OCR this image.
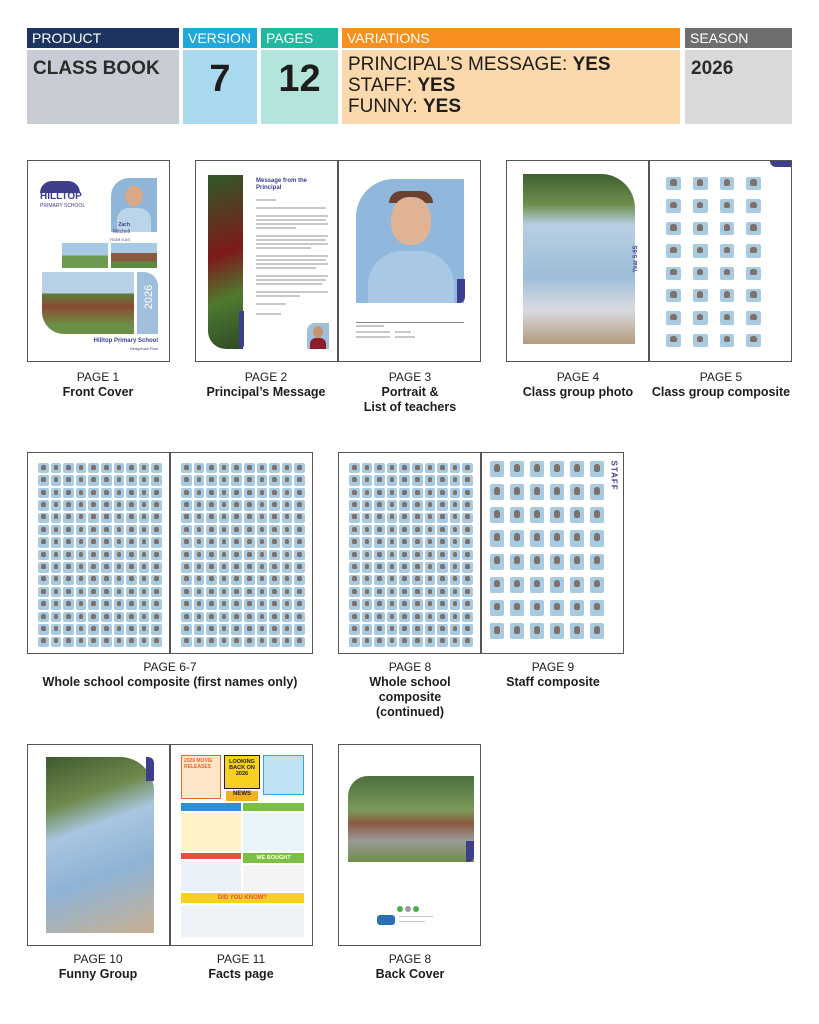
PRODUCT
CLASS BOOK
VERSION
7
PAGES
12
VARIATIONS
PRINCIPAL’S MESSAGE: YES
STAFF: YES
FUNNY: YES
SEASON
2026
HILLTOP
PRIMARY SCHOOL
Zach
Mitchell
YEAR 5-6S
2026
Hilltop Primary School
Hedgehow Row
PAGE 1
Front Cover
Message from the
Principal
PAGE 2
Principal’s Message
PAGE 3
Portrait &
List of teachers
Year 5-6S
PAGE 4
Class group photo
PAGE 5
Class group composite
PAGE 6-7
Whole school composite (first names only)
PAGE 8
Whole school
composite
(continued)
STAFF
PAGE 9
Staff composite
PAGE 10
Funny Group
2026 MOVIE RELEASES
LOOKING BACK ON 2026
NEWS
WE BOUGHT
DID YOU KNOW?
PAGE 11
Facts page
PAGE 8
Back Cover
